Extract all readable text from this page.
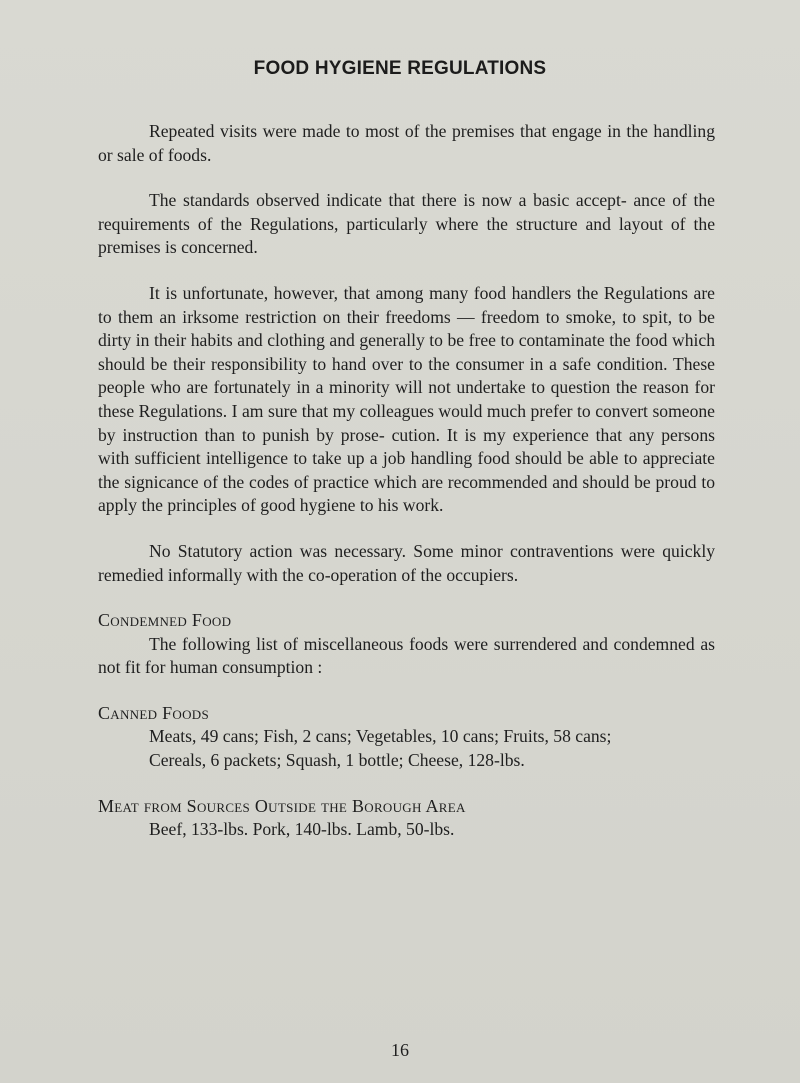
FOOD HYGIENE REGULATIONS

Repeated visits were made to most of the premises that engage in the handling or sale of foods.

The standards observed indicate that there is now a basic accept- ance of the requirements of the Regulations, particularly where the structure and layout of the premises is concerned.

It is unfortunate, however, that among many food handlers the Regulations are to them an irksome restriction on their freedoms — freedom to smoke, to spit, to be dirty in their habits and clothing and generally to be free to contaminate the food which should be their responsibility to hand over to the consumer in a safe condition. These people who are fortunately in a minority will not undertake to question the reason for these Regulations. I am sure that my colleagues would much prefer to convert someone by instruction than to punish by prose- cution. It is my experience that any persons with sufficient intelligence to take up a job handling food should be able to appreciate the signicance of the codes of practice which are recommended and should be proud to apply the principles of good hygiene to his work.

No Statutory action was necessary. Some minor contraventions were quickly remedied informally with the co-operation of the occupiers.

Condemned Food

The following list of miscellaneous foods were surrendered and condemned as not fit for human consumption :

Canned Foods
Meats, 49 cans; Fish, 2 cans; Vegetables, 10 cans; Fruits, 58 cans;
Cereals, 6 packets; Squash, 1 bottle; Cheese, 128-lbs.
Meat from Sources Outside the Borough Area
Beef, 133-lbs. Pork, 140-lbs. Lamb, 50-lbs.
16
